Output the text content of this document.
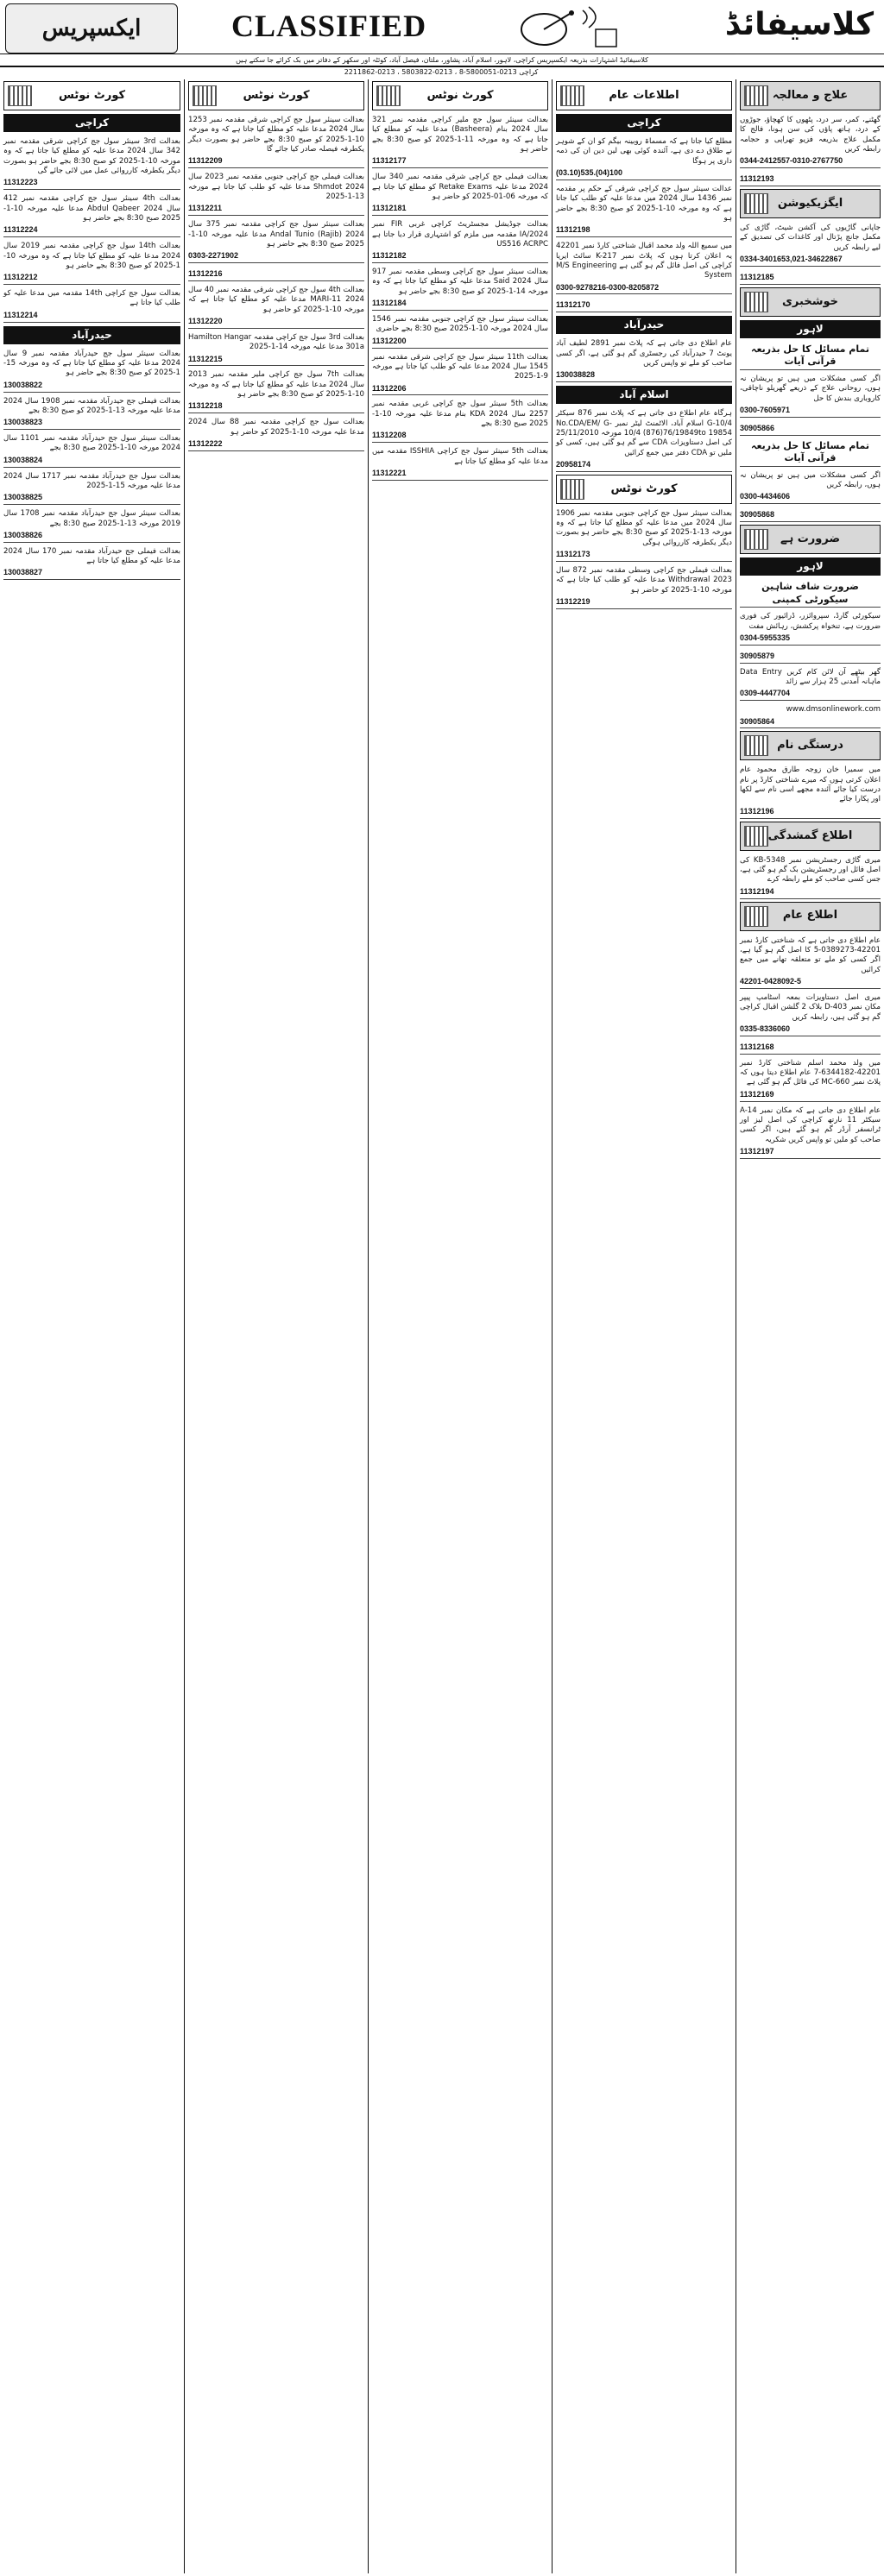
ایکسپریس	CLASSIFIED	کلاسیفائڈ
کلاسیفائیڈ اشتہارات بذریعہ ایکسپریس کراچی، لاہور، اسلام آباد، پشاور، ملتان، فیصل آباد، کوئٹہ اور سکھر کے دفاتر میں بک کرائے جا سکتے ہیں
کراچی 0213-5800051-8 ، 0213-5803822 ، 0213-2211862
علاج و معالجہ
گھٹنے، کمر، سر درد، پٹھوں کا کھچاؤ، جوڑوں کے درد، ہاتھ پاؤں کی سن ہونا، فالج کا مکمل علاج بذریعہ فزیو تھراپی و حجامہ رابطہ کریں
0344-2412557-0310-2767750
11312193
ایگزیکیوشن
جاپانی گاڑیوں کی آکشن شیٹ، گاڑی کی مکمل جانچ پڑتال اور کاغذات کی تصدیق کے لیے رابطہ کریں
0334-3401653,021-34622867
11312185
خوشخبری
لاہور
تمام مسائل کا حل بذریعہ قرآنی آیات
اگر کسی مشکلات میں ہیں تو پریشان نہ ہوں، روحانی علاج کے ذریعے گھریلو ناچاقی، کاروباری بندش کا حل
0300-7605971
30905866
تمام مسائل کا حل بذریعہ قرآنی آیات
اگر کسی مشکلات میں ہیں تو پریشان نہ ہوں، رابطہ کریں
0300-4434606
30905868
ضرورت ہے
لاہور
ضرورت شاف شاہین سیکورٹی کمپنی
سیکورٹی گارڈ، سپروائزر، ڈرائیور کی فوری ضرورت ہے، تنخواہ پرکشش، رہائش مفت
0304-5955335
30905879
گھر بیٹھے آن لائن کام کریں Data Entry ماہانہ آمدنی 25 ہزار سے زائد
0309-4447704
www.dmsonlinework.com
30905864
درستگی نام
میں سمیرا خان زوجہ طارق محمود عام اعلان کرتی ہوں کہ میرے شناختی کارڈ پر نام درست کیا جائے آئندہ مجھے اسی نام سے لکھا اور پکارا جائے
11312196
اطلاع گمشدگی
میری گاڑی رجسٹریشن نمبر KB-5348 کی اصل فائل اور رجسٹریشن بک گم ہو گئی ہے، جس کسی صاحب کو ملے رابطہ کرے
11312194
اطلاع عام
عام اطلاع دی جاتی ہے کہ شناختی کارڈ نمبر 42201-0389273-5 کا اصل گم ہو گیا ہے، اگر کسی کو ملے تو متعلقہ تھانے میں جمع کرائیں
42201-0428092-5
میری اصل دستاویزات بمعہ اسٹامپ پیپر مکان نمبر D-403 بلاک 2 گلشن اقبال کراچی گم ہو گئی ہیں، رابطہ کریں
0335-8336060
11312168
میں ولد محمد اسلم شناختی کارڈ نمبر 42201-6344182-7 عام اطلاع دیتا ہوں کہ پلاٹ نمبر MC-660 کی فائل گم ہو گئی ہے
11312169
عام اطلاع دی جاتی ہے کہ مکان نمبر A-14 سیکٹر 11 نارتھ کراچی کی اصل لیز اور ٹرانسفر آرڈر گم ہو گئے ہیں، اگر کسی صاحب کو ملیں تو واپس کریں شکریہ
11312197
اطلاعات عام
کراچی
مطلع کیا جاتا ہے کہ مسماۃ روبینہ بیگم کو ان کے شوہر نے طلاق دے دی ہے، آئندہ کوئی بھی لین دین ان کی ذمہ داری پر ہوگا
(03.10)535.(04)100
عدالت سینئر سول جج کراچی شرقی کے حکم پر مقدمہ نمبر 1436 سال 2024 میں مدعا علیہ کو طلب کیا جاتا ہے کہ وہ مورخہ 10-1-2025 کو صبح 8:30 بجے حاضر ہو
11312198
میں سمیع اللہ ولد محمد اقبال شناختی کارڈ نمبر 42201 یہ اعلان کرتا ہوں کہ پلاٹ نمبر K-217 سائٹ ایریا کراچی کی اصل فائل گم ہو گئی ہے M/S Engineering System
0300-9278216-0300-8205872
11312170
حیدرآباد
عام اطلاع دی جاتی ہے کہ پلاٹ نمبر 2891 لطیف آباد یونٹ 7 حیدرآباد کی رجسٹری گم ہو گئی ہے، اگر کسی صاحب کو ملے تو واپس کریں
130038828
اسلام آباد
ہرگاہ عام اطلاع دی جاتی ہے کہ پلاٹ نمبر 876 سیکٹر G-10/4 اسلام آباد، الاٹمنٹ لیٹر نمبر No.CDA/EM/ G-10/4 (876)76/19849to 19854 مورخہ 25/11/2010 کی اصل دستاویزات CDA سے گم ہو گئی ہیں، کسی کو ملیں تو CDA دفتر میں جمع کرائیں
20958174
کورٹ نوٹس
بعدالت سینئر سول جج کراچی جنوبی مقدمہ نمبر 1906 سال 2024 میں مدعا علیہ کو مطلع کیا جاتا ہے کہ وہ مورخہ 13-1-2025 کو صبح 8:30 بجے حاضر ہو بصورت دیگر یکطرفہ کارروائی ہوگی
11312173
بعدالت فیملی جج کراچی وسطی مقدمہ نمبر 872 سال 2023 Withdrawal مدعا علیہ کو طلب کیا جاتا ہے کہ مورخہ 10-1-2025 کو حاضر ہو
11312219
کورٹ نوٹس
بعدالت سینئر سول جج ملیر کراچی مقدمہ نمبر 321 سال 2024 بنام (Basheera) مدعا علیہ کو مطلع کیا جاتا ہے کہ وہ مورخہ 11-1-2025 کو صبح 8:30 بجے حاضر ہو
11312177
بعدالت فیملی جج کراچی شرقی مقدمہ نمبر 340 سال 2024 مدعا علیہ Retake Exams کو مطلع کیا جاتا ہے کہ مورخہ 06-01-2025 کو حاضر ہو
11312181
بعدالت جوڈیشل مجسٹریٹ کراچی غربی FIR نمبر 2024/IA مقدمہ میں ملزم کو اشتہاری قرار دیا جاتا ہے US516 ACRPC
11312182
بعدالت سینئر سول جج کراچی وسطی مقدمہ نمبر 917 سال 2024 Said مدعا علیہ کو مطلع کیا جاتا ہے کہ وہ مورخہ 14-1-2025 کو صبح 8:30 بجے حاضر ہو
11312184
بعدالت سینئر سول جج کراچی جنوبی مقدمہ نمبر 1546 سال 2024 مورخہ 10-1-2025 صبح 8:30 بجے حاضری
11312200
بعدالت 11th سینئر سول جج کراچی شرقی مقدمہ نمبر 1545 سال 2024 مدعا علیہ کو طلب کیا جاتا ہے مورخہ 9-1-2025
11312206
بعدالت 5th سینئر سول جج کراچی غربی مقدمہ نمبر 2257 سال 2024 KDA بنام مدعا علیہ مورخہ 10-1-2025 صبح 8:30 بجے
11312208
بعدالت 5th سینئر سول جج کراچی ISSHIA مقدمہ میں مدعا علیہ کو مطلع کیا جاتا ہے
11312221
کورٹ نوٹس
بعدالت سینئر سول جج کراچی شرقی مقدمہ نمبر 1253 سال 2024 مدعا علیہ کو مطلع کیا جاتا ہے کہ وہ مورخہ 10-1-2025 کو صبح 8:30 بجے حاضر ہو بصورت دیگر یکطرفہ فیصلہ صادر کیا جائے گا
11312209
بعدالت فیملی جج کراچی جنوبی مقدمہ نمبر 2023 سال 2024 Shmdot مدعا علیہ کو طلب کیا جاتا ہے مورخہ 13-1-2025
11312211
بعدالت سینئر سول جج کراچی مقدمہ نمبر 375 سال 2024 (Rajib) Andal Tunio مدعا علیہ مورخہ 10-1-2025 صبح 8:30 بجے حاضر ہو
0303-2271902
11312216
بعدالت 4th سول جج کراچی شرقی مقدمہ نمبر 40 سال 2024 MARI-11 مدعا علیہ کو مطلع کیا جاتا ہے کہ مورخہ 10-1-2025 کو حاضر ہو
11312220
بعدالت 3rd سول جج کراچی مقدمہ Hamilton Hangar 301a مدعا علیہ مورخہ 14-1-2025
11312215
بعدالت 7th سول جج کراچی ملیر مقدمہ نمبر 2013 سال 2024 مدعا علیہ کو مطلع کیا جاتا ہے کہ وہ مورخہ 10-1-2025 کو صبح 8:30 بجے حاضر ہو
11312218
بعدالت سول جج کراچی مقدمہ نمبر 88 سال 2024 مدعا علیہ مورخہ 10-1-2025 کو حاضر ہو
11312222
کورٹ نوٹس
کراچی
بعدالت 3rd سینئر سول جج کراچی شرقی مقدمہ نمبر 342 سال 2024 مدعا علیہ کو مطلع کیا جاتا ہے کہ وہ مورخہ 10-1-2025 کو صبح 8:30 بجے حاضر ہو بصورت دیگر یکطرفہ کارروائی عمل میں لائی جائے گی
11312223
بعدالت 4th سینئر سول جج کراچی مقدمہ نمبر 412 سال 2024 Abdul Qabeer مدعا علیہ مورخہ 10-1-2025 صبح 8:30 بجے حاضر ہو
11312224
بعدالت 14th سول جج کراچی مقدمہ نمبر 2019 سال 2024 مدعا علیہ کو مطلع کیا جاتا ہے کہ وہ مورخہ 10-1-2025 کو صبح 8:30 بجے حاضر ہو
11312212
بعدالت سول جج کراچی 14th مقدمہ میں مدعا علیہ کو طلب کیا جاتا ہے
11312214
حیدرآباد
بعدالت سینئر سول جج حیدرآباد مقدمہ نمبر 9 سال 2024 مدعا علیہ کو مطلع کیا جاتا ہے کہ وہ مورخہ 15-1-2025 کو صبح 8:30 بجے حاضر ہو
130038822
بعدالت فیملی جج حیدرآباد مقدمہ نمبر 1908 سال 2024 مدعا علیہ مورخہ 13-1-2025 کو صبح 8:30 بجے
130038823
بعدالت سینئر سول جج حیدرآباد مقدمہ نمبر 1101 سال 2024 مورخہ 10-1-2025 صبح 8:30 بجے
130038824
بعدالت سول جج حیدرآباد مقدمہ نمبر 1717 سال 2024 مدعا علیہ مورخہ 15-1-2025
130038825
بعدالت سینئر سول جج حیدرآباد مقدمہ نمبر 1708 سال 2019 مورخہ 13-1-2025 صبح 8:30 بجے
130038826
بعدالت فیملی جج حیدرآباد مقدمہ نمبر 170 سال 2024 مدعا علیہ کو مطلع کیا جاتا ہے
130038827
